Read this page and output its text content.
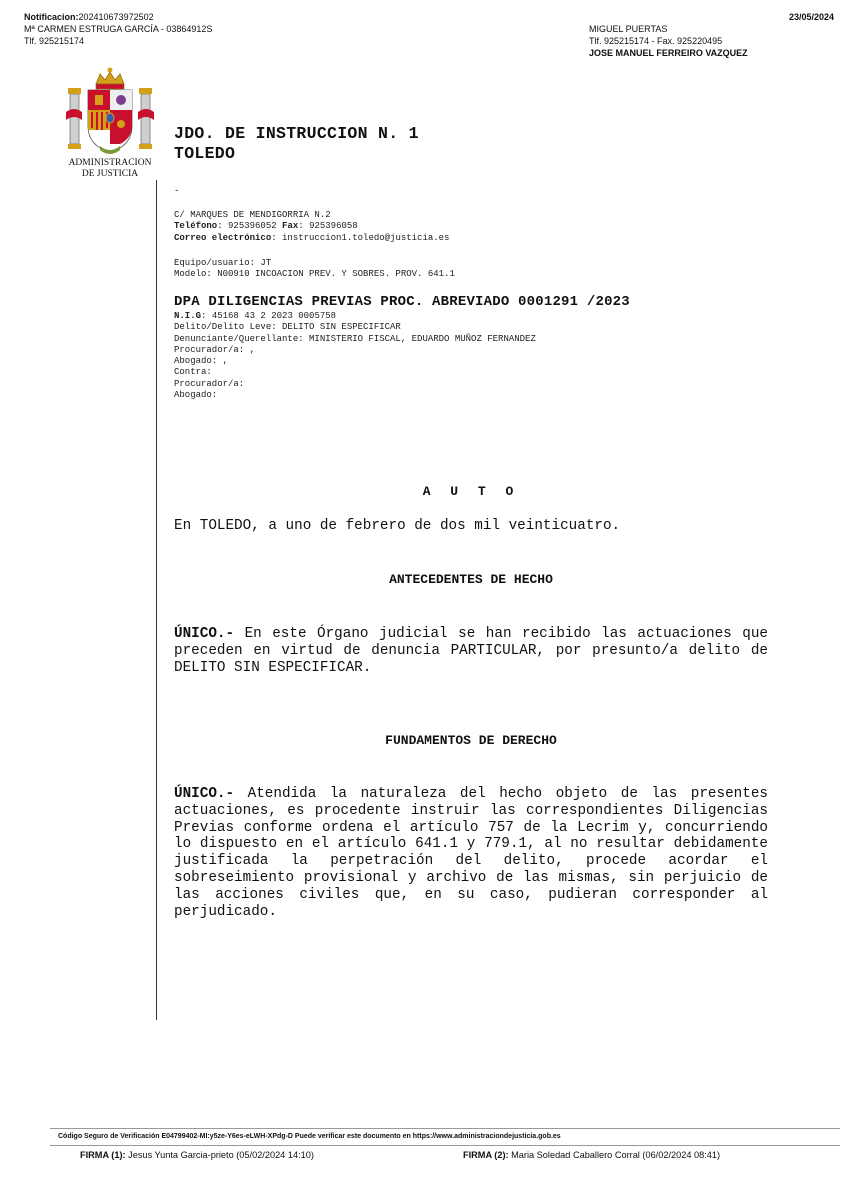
Notificacion:202410673972502
Mª CARMEN ESTRUGA GARCÍA - 03864912S
Tlf. 925215174
MIGUEL PUERTAS
Tlf. 925215174 - Fax. 925220495
JOSE MANUEL FERREIRO VAZQUEZ
23/05/2024
ADMINISTRACION
DE JUSTICIA
JDO. DE INSTRUCCION N. 1
TOLEDO
-
C/ MARQUES DE MENDIGORRIA N.2
Teléfono: 925396052 Fax: 925396058
Correo electrónico: instruccion1.toledo@justicia.es
Equipo/usuario: JT
Modelo: N00910 INCOACION PREV. Y SOBRES. PROV. 641.1
DPA DILIGENCIAS PREVIAS PROC. ABREVIADO 0001291 /2023
N.I.G: 45168 43 2 2023 0005758
Delito/Delito Leve: DELITO SIN ESPECIFICAR
Denunciante/Querellante: MINISTERIO FISCAL, EDUARDO MUÑOZ FERNANDEZ
Procurador/a: ,
Abogado: ,
Contra:
Procurador/a:
Abogado:
A U T O
En TOLEDO, a uno de febrero de dos mil veinticuatro.
ANTECEDENTES DE HECHO
ÚNICO.- En este Órgano judicial se han recibido las actuaciones que preceden en virtud de denuncia PARTICULAR, por presunto/a delito de DELITO SIN ESPECIFICAR.
FUNDAMENTOS DE DERECHO
ÚNICO.- Atendida la naturaleza del hecho objeto de las presentes actuaciones, es procedente instruir las correspondientes Diligencias Previas conforme ordena el artículo 757 de la Lecrim y, concurriendo lo dispuesto en el artículo 641.1 y 779.1, al no resultar debidamente justificada la perpetración del delito, procede acordar el sobreseimiento provisional y archivo de las mismas, sin perjuicio de las acciones civiles que, en su caso, pudieran corresponder al perjudicado.
Código Seguro de Verificación E04799402-MI:y5ze-Y6es-eLWH-XPdg-D Puede verificar este documento en https://www.administraciondejusticia.gob.es
FIRMA (1): Jesus Yunta Garcia-prieto (05/02/2024 14:10)	FIRMA (2): Maria Soledad Caballero Corral (06/02/2024 08:41)
